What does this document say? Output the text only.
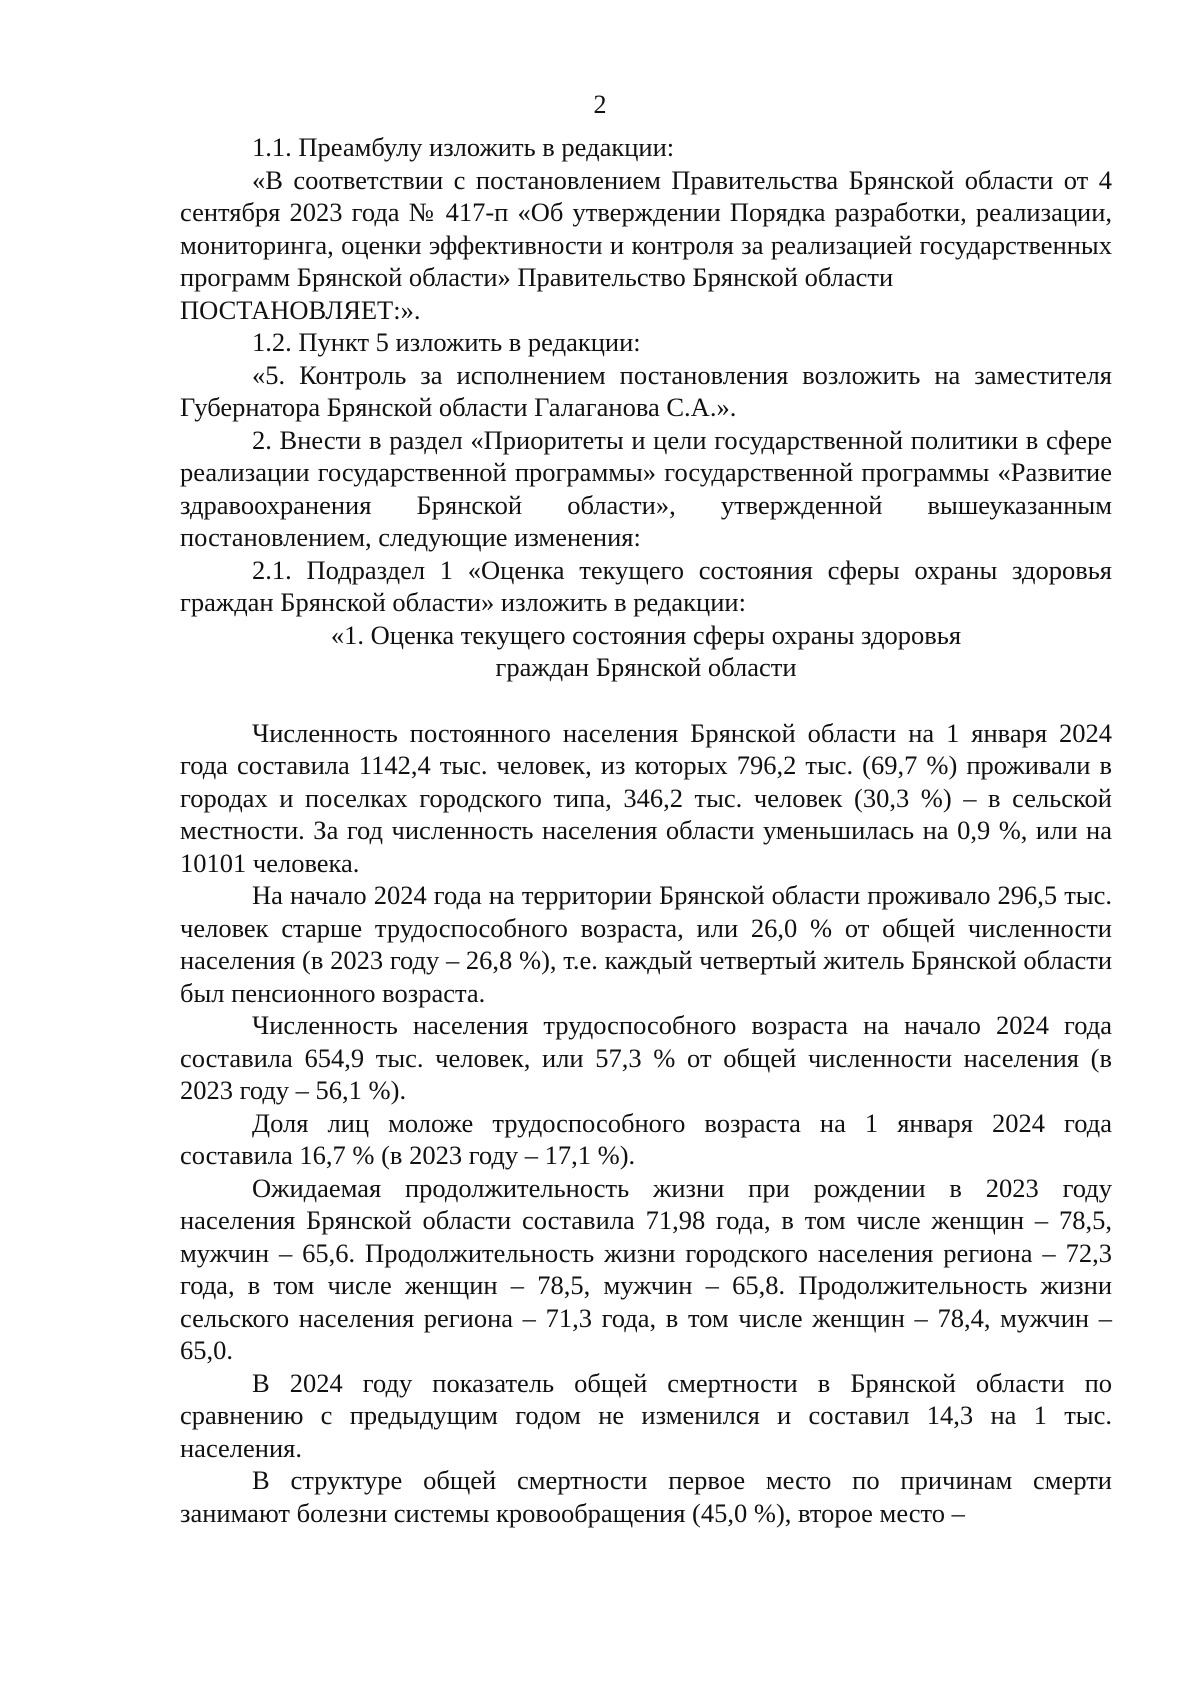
2

1.1. Преамбулу изложить в редакции:

«В соответствии с постановлением Правительства Брянской области от 4 сентября 2023 года № 417-п «Об утверждении Порядка разработки, реализации, мониторинга, оценки эффективности и контроля за реализацией государственных программ Брянской области» Правительство Брянской области

ПОСТАНОВЛЯЕТ:».

1.2. Пункт 5 изложить в редакции:

«5. Контроль за исполнением постановления возложить на заместителя Губернатора Брянской области Галаганова С.А.».

2. Внести в раздел «Приоритеты и цели государственной политики в сфере реализации государственной программы» государственной программы «Развитие здравоохранения Брянской области», утвержденной вышеуказанным постановлением, следующие изменения:

2.1. Подраздел 1 «Оценка текущего состояния сферы охраны здоровья граждан Брянской области» изложить в редакции:

«1. Оценка текущего состояния сферы охраны здоровья

граждан Брянской области

Численность постоянного населения Брянской области на 1 января 2024 года составила 1142,4 тыс. человек, из которых 796,2 тыс. (69,7 %) проживали в городах и поселках городского типа, 346,2 тыс. человек (30,3 %) – в сельской местности. За год численность населения области уменьшилась на 0,9 %, или на 10101 человека.

На начало 2024 года на территории Брянской области проживало 296,5 тыс. человек старше трудоспособного возраста, или 26,0 % от общей численности населения (в 2023 году – 26,8 %), т.е. каждый четвертый житель Брянской области был пенсионного возраста.

Численность населения трудоспособного возраста на начало 2024 года составила 654,9 тыс. человек, или 57,3 % от общей численности населения (в 2023 году – 56,1 %).

Доля лиц моложе трудоспособного возраста на 1 января 2024 года составила 16,7 % (в 2023 году – 17,1 %).

Ожидаемая продолжительность жизни при рождении в 2023 году населения Брянской области составила 71,98 года, в том числе женщин – 78,5, мужчин – 65,6. Продолжительность жизни городского населения региона – 72,3 года, в том числе женщин – 78,5, мужчин – 65,8. Продолжительность жизни сельского населения региона – 71,3 года, в том числе женщин – 78,4, мужчин – 65,0.

В 2024 году показатель общей смертности в Брянской области по сравнению с предыдущим годом не изменился и составил 14,3 на 1 тыс. населения.

В структуре общей смертности первое место по причинам смерти занимают болезни системы кровообращения (45,0 %), второе место –
